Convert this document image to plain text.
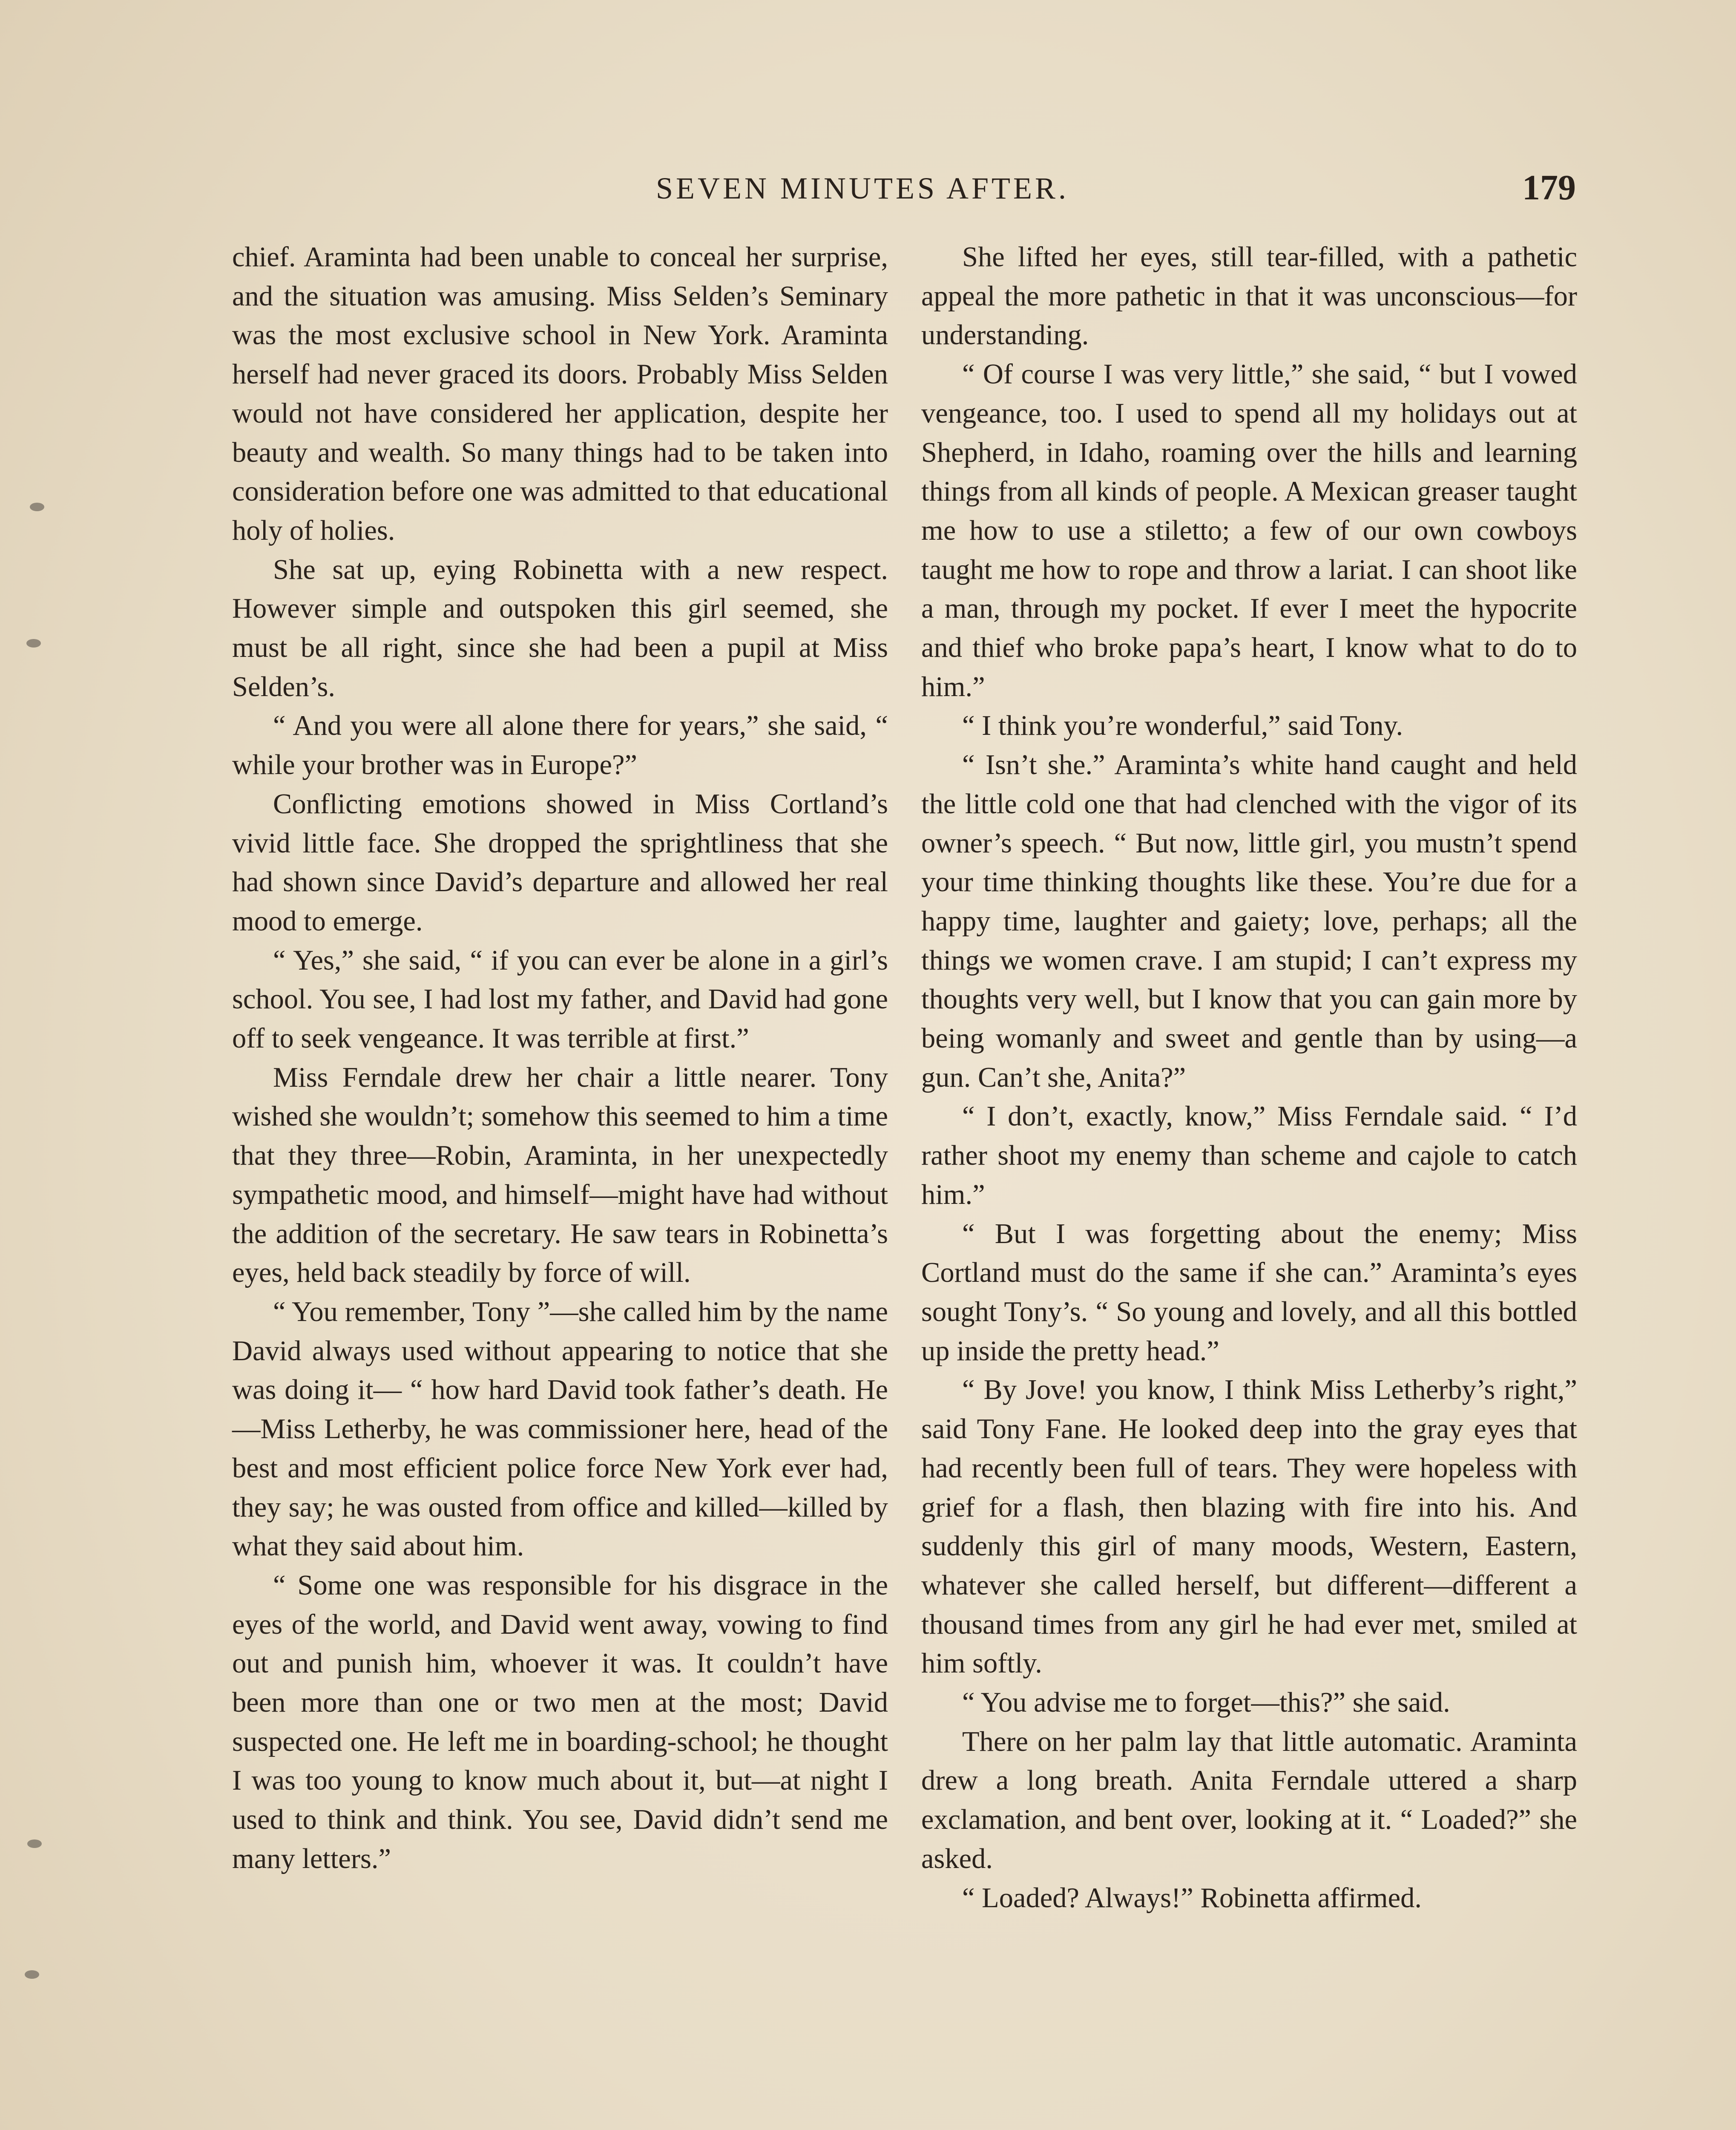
SEVEN MINUTES AFTER.	179

chief. Araminta had been unable to conceal her surprise, and the situation was amusing. Miss Selden’s Seminary was the most exclusive school in New York. Araminta herself had never graced its doors. Probably Miss Selden would not have considered her application, despite her beauty and wealth. So many things had to be taken into consideration before one was admitted to that educational holy of holies.

She sat up, eying Robinetta with a new respect. However simple and outspoken this girl seemed, she must be all right, since she had been a pupil at Miss Selden’s.

“ And you were all alone there for years,” she said, “ while your brother was in Europe?”

Conflicting emotions showed in Miss Cortland’s vivid little face. She dropped the sprightliness that she had shown since David’s departure and allowed her real mood to emerge.

“ Yes,” she said, “ if you can ever be alone in a girl’s school. You see, I had lost my father, and David had gone off to seek vengeance. It was terrible at first.”

Miss Ferndale drew her chair a little nearer. Tony wished she wouldn’t; somehow this seemed to him a time that they three—Robin, Araminta, in her unexpectedly sympathetic mood, and himself—might have had without the addition of the secretary. He saw tears in Robinetta’s eyes, held back steadily by force of will.

“ You remember, Tony ”—she called him by the name David always used without appearing to notice that she was doing it— “ how hard David took father’s death. He —Miss Letherby, he was commissioner here, head of the best and most efficient police force New York ever had, they say; he was ousted from office and killed—killed by what they said about him.

“ Some one was responsible for his disgrace in the eyes of the world, and David went away, vowing to find out and punish him, whoever it was. It couldn’t have been more than one or two men at the most; David suspected one. He left me in boarding-school; he thought I was too young to know much about it, but—at night I used to think and think. You see, David didn’t send me many letters.”

She lifted her eyes, still tear-filled, with a pathetic appeal the more pathetic in that it was unconscious—for understanding.

“ Of course I was very little,” she said, “ but I vowed vengeance, too. I used to spend all my holidays out at Shepherd, in Idaho, roaming over the hills and learning things from all kinds of people. A Mexican greaser taught me how to use a stiletto; a few of our own cowboys taught me how to rope and throw a lariat. I can shoot like a man, through my pocket. If ever I meet the hypocrite and thief who broke papa’s heart, I know what to do to him.”

“ I think you’re wonderful,” said Tony.

“ Isn’t she.” Araminta’s white hand caught and held the little cold one that had clenched with the vigor of its owner’s speech. “ But now, little girl, you mustn’t spend your time thinking thoughts like these. You’re due for a happy time, laughter and gaiety; love, perhaps; all the things we women crave. I am stupid; I can’t express my thoughts very well, but I know that you can gain more by being womanly and sweet and gentle than by using—a gun. Can’t she, Anita?”

“ I don’t, exactly, know,” Miss Ferndale said. “ I’d rather shoot my enemy than scheme and cajole to catch him.”

“ But I was forgetting about the enemy; Miss Cortland must do the same if she can.” Araminta’s eyes sought Tony’s. “ So young and lovely, and all this bottled up inside the pretty head.”

“ By Jove! you know, I think Miss Letherby’s right,” said Tony Fane. He looked deep into the gray eyes that had recently been full of tears. They were hopeless with grief for a flash, then blazing with fire into his. And suddenly this girl of many moods, Western, Eastern, whatever she called herself, but different—different a thousand times from any girl he had ever met, smiled at him softly.

“ You advise me to forget—this?” she said.

There on her palm lay that little automatic. Araminta drew a long breath. Anita Ferndale uttered a sharp exclamation, and bent over, looking at it. “ Loaded?” she asked.

“ Loaded? Always!” Robinetta affirmed.
